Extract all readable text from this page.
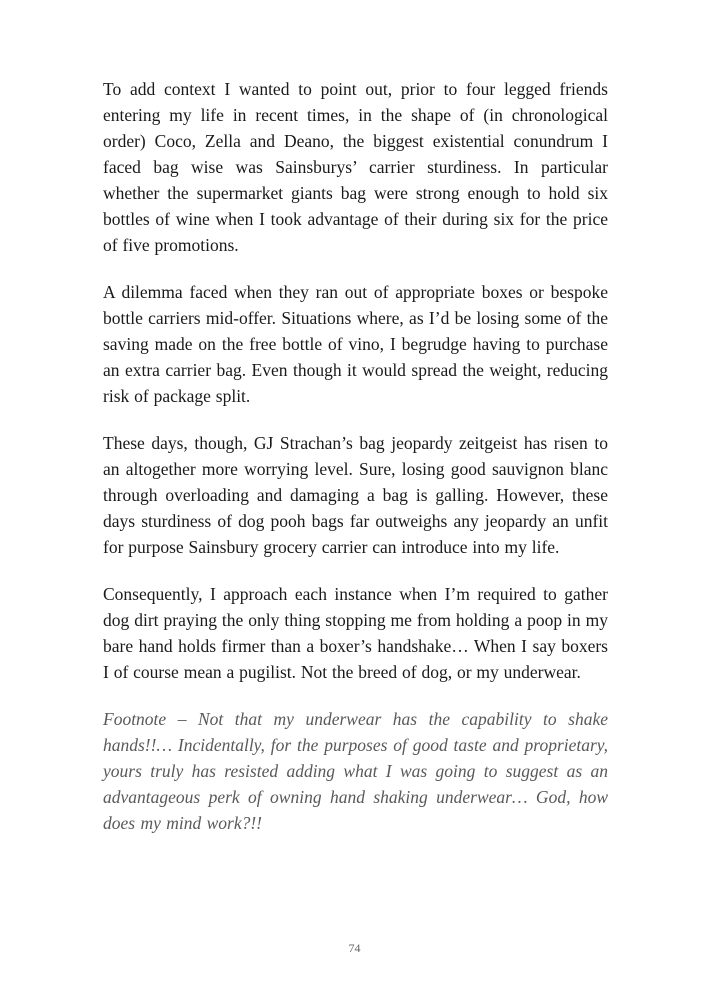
To add context I wanted to point out, prior to four legged friends entering my life in recent times, in the shape of (in chronological order) Coco, Zella and Deano, the biggest existential conundrum I faced bag wise was Sainsburys’ carrier sturdiness. In particular whether the supermarket giants bag were strong enough to hold six bottles of wine when I took advantage of their during six for the price of five promotions.

A dilemma faced when they ran out of appropriate boxes or bespoke bottle carriers mid-offer. Situations where, as I’d be losing some of the saving made on the free bottle of vino, I begrudge having to purchase an extra carrier bag. Even though it would spread the weight, reducing risk of package split.

These days, though, GJ Strachan’s bag jeopardy zeitgeist has risen to an altogether more worrying level. Sure, losing good sauvignon blanc through overloading and damaging a bag is galling. However, these days sturdiness of dog pooh bags far outweighs any jeopardy an unfit for purpose Sainsbury grocery carrier can introduce into my life.

Consequently, I approach each instance when I’m required to gather dog dirt praying the only thing stopping me from holding a poop in my bare hand holds firmer than a boxer’s handshake… When I say boxers I of course mean a pugilist. Not the breed of dog, or my underwear.

Footnote – Not that my underwear has the capability to shake hands!!… Incidentally, for the purposes of good taste and proprietary, yours truly has resisted adding what I was going to suggest as an advantageous perk of owning hand shaking underwear… God, how does my mind work?!!

74
